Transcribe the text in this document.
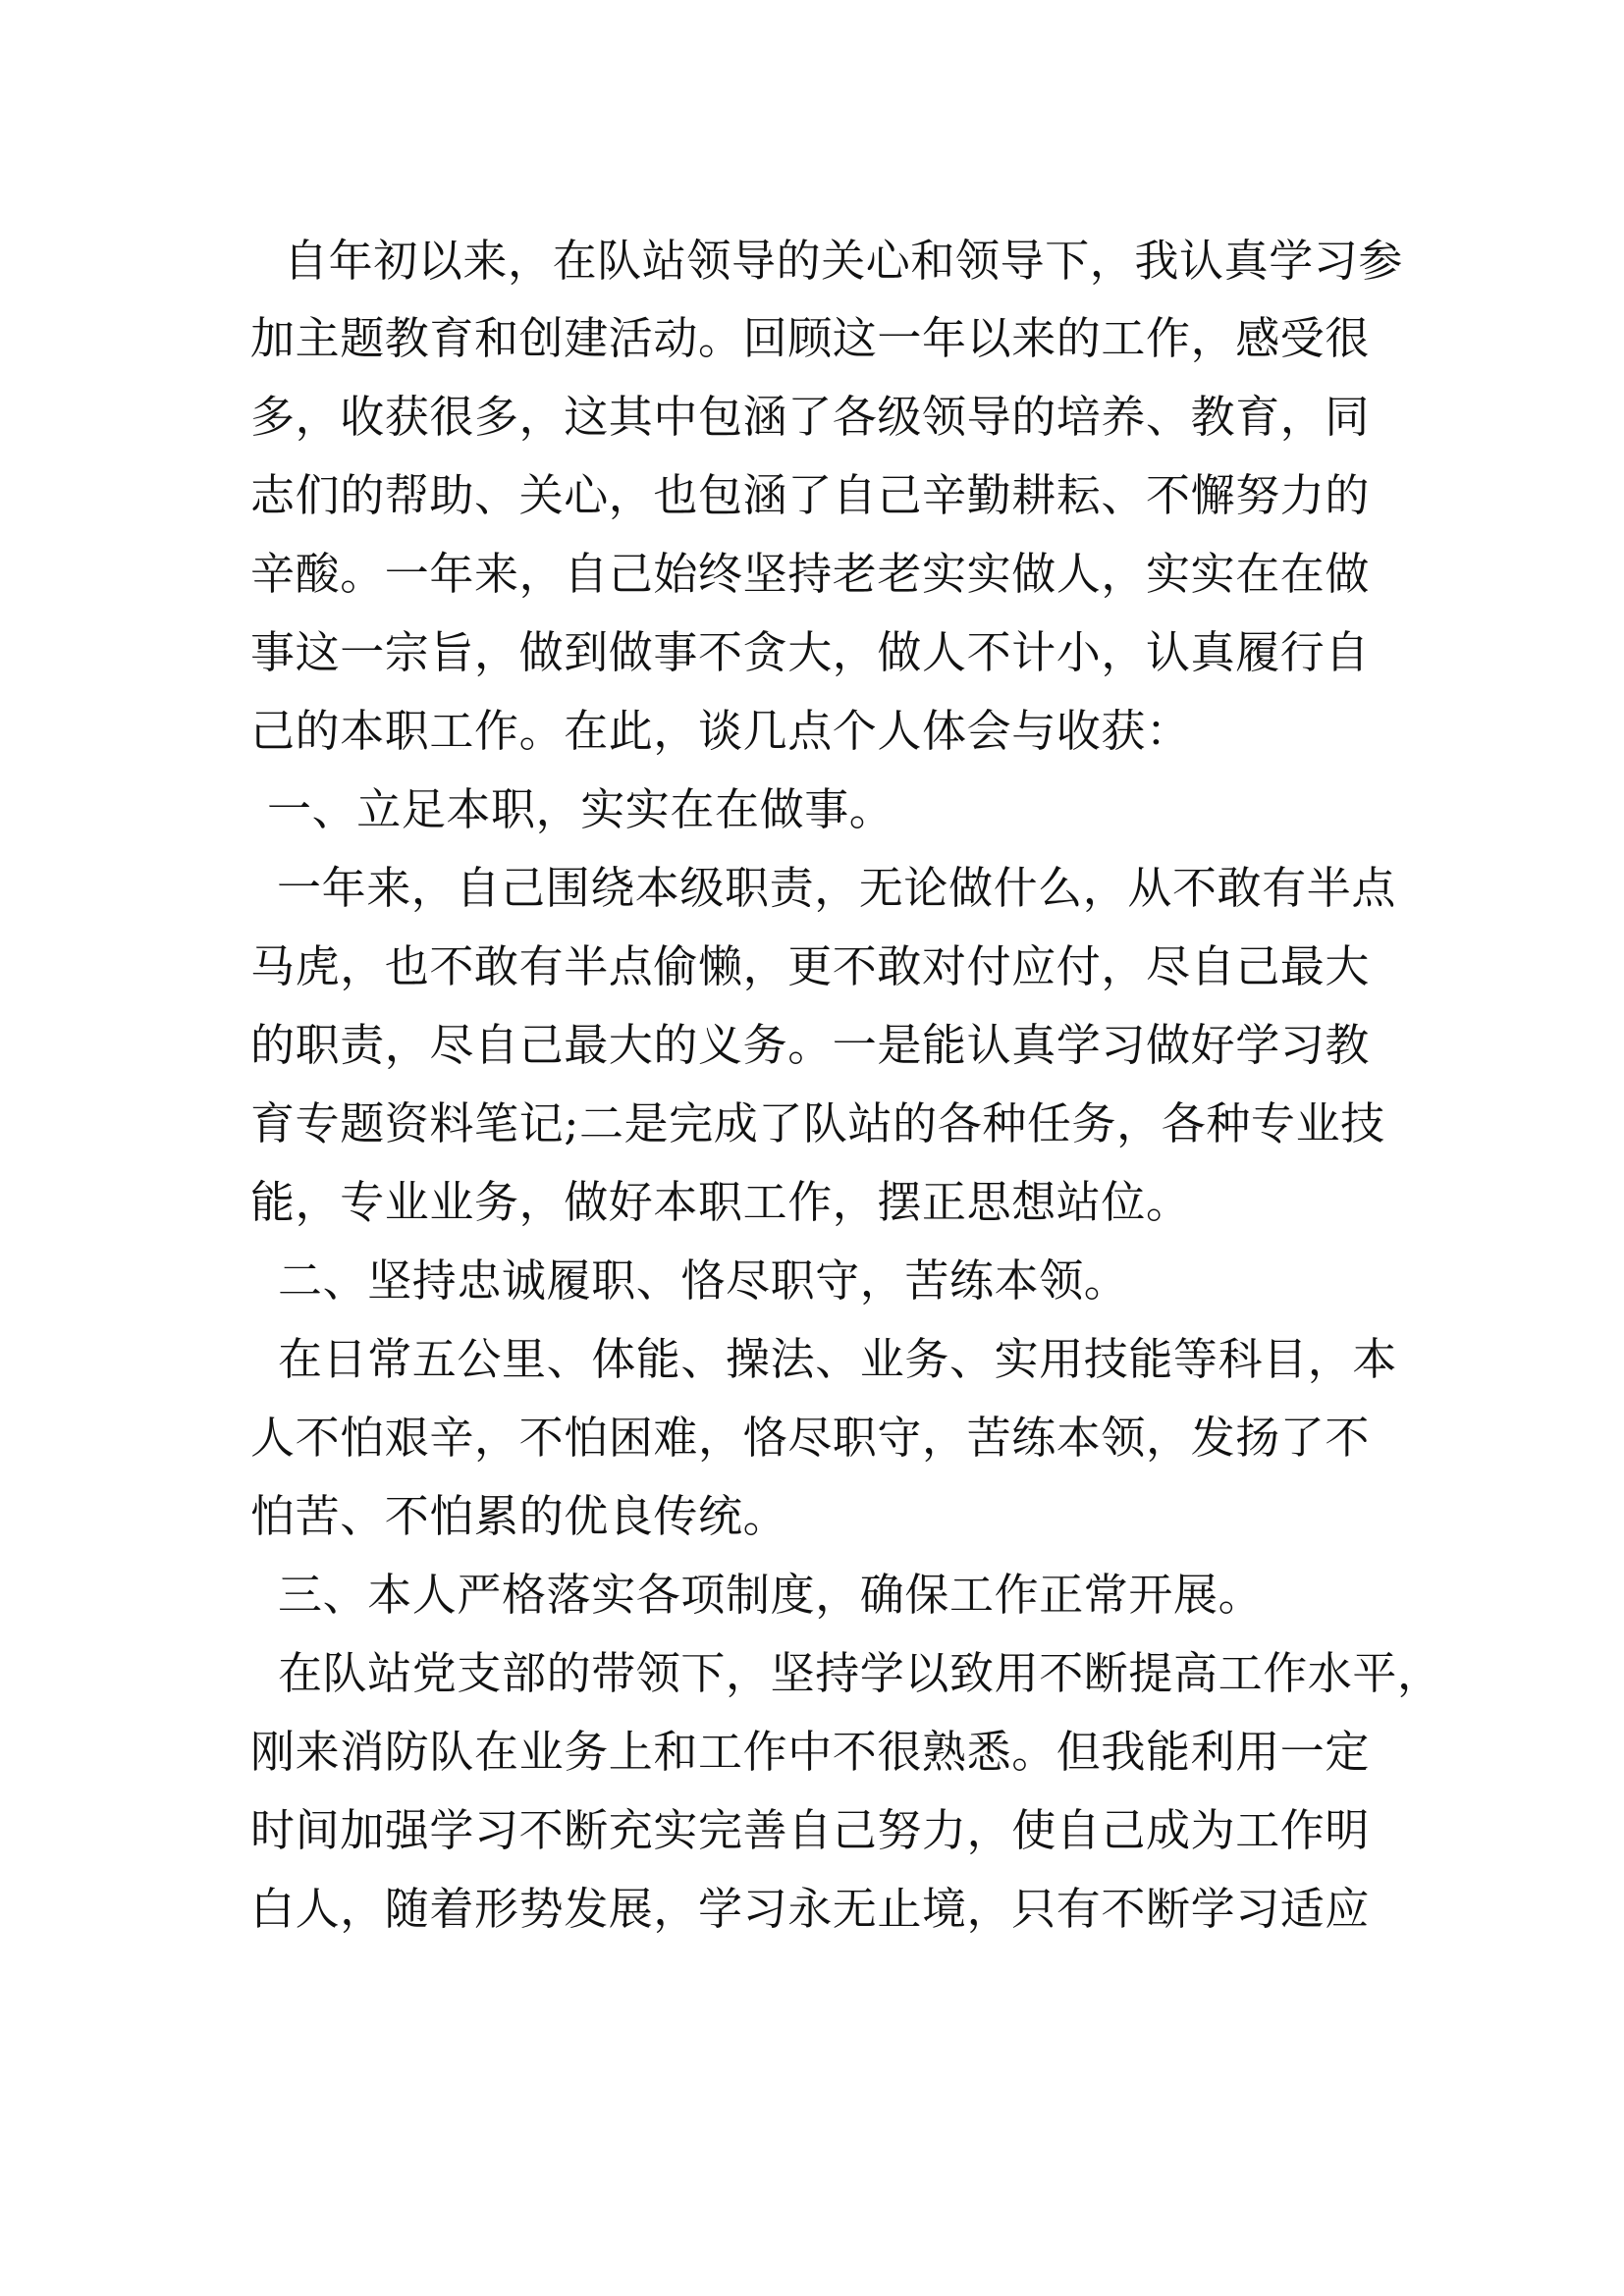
自年初以来，在队站领导的关心和领导下，我认真学习参
加主题教育和创建活动。回顾这一年以来的工作，感受很
多，收获很多，这其中包涵了各级领导的培养、教育，同
志们的帮助、关心，也包涵了自己辛勤耕耘、不懈努力的
辛酸。一年来，自己始终坚持老老实实做人，实实在在做
事这一宗旨，做到做事不贪大，做人不计小，认真履行自
己的本职工作。在此，谈几点个人体会与收获：
一、立足本职，实实在在做事。
一年来，自己围绕本级职责，无论做什么，从不敢有半点
马虎，也不敢有半点偷懒，更不敢对付应付，尽自己最大
的职责，尽自己最大的义务。一是能认真学习做好学习教
育专题资料笔记;二是完成了队站的各种任务，各种专业技
能，专业业务，做好本职工作，摆正思想站位。
二、坚持忠诚履职、恪尽职守，苦练本领。
在日常五公里、体能、操法、业务、实用技能等科目，本
人不怕艰辛，不怕困难，恪尽职守，苦练本领，发扬了不
怕苦、不怕累的优良传统。
三、本人严格落实各项制度，确保工作正常开展。
在队站党支部的带领下，坚持学以致用不断提高工作水平，
刚来消防队在业务上和工作中不很熟悉。但我能利用一定
时间加强学习不断充实完善自己努力，使自己成为工作明
白人，随着形势发展，学习永无止境，只有不断学习适应
